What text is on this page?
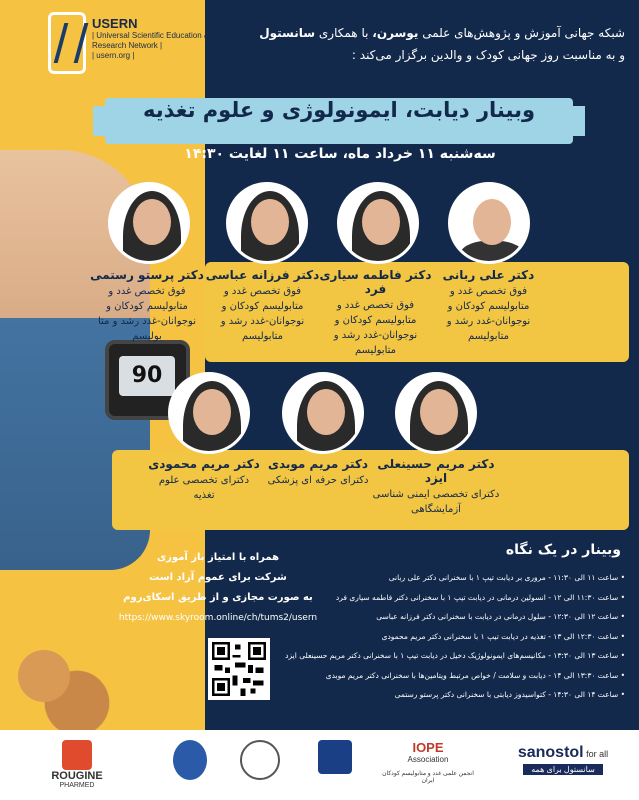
90
USERN
| Universal Scientific Education &
Research Network |
| usern.org |
شبکه جهانی آموزش و پژوهش‌های علمی یوسرن، با همکاری سانستول
و به مناسبت روز جهانی کودک و والدین برگزار می‌کند :
وبینار دیابت، ایمونولوژی و علوم تغذیه
سه‌شنبه ۱۱ خرداد ماه، ساعت ۱۱ لغایت ۱۴:۳۰
دکتر علی ربانی
فوق تخصص غدد و متابولیسم کودکان و نوجوانان-غدد رشد و متابولیسم
دکتر فاطمه سیاری فرد
فوق تخصص غدد و متابولیسم کودکان و نوجوانان-غدد رشد و متابولیسم
دکتر فرزانه عباسی
فوق تخصص غدد و متابولیسم کودکان و نوجوانان-غدد رشد و متابولیسم
دکتر پرستو رستمی
فوق تخصص غدد و متابولیسم کودکان و نوجوانان-غدد رشد و متا بولیسم
دکتر مریم حسینعلی ایزد
دکترای تخصصی ایمنی شناسی آزمایشگاهی
دکتر مریم موبدی
دکترای حرفه ای پزشکی
دکتر مریم محمودی
دکترای تخصصی علوم تغذیه
همراه با امتیاز باز آموزی
شرکت برای عموم آزاد است
به صورت مجازی و از طریق اسکای‌روم
https://www.skyroom.online/ch/tums2/usern
وبینار در یک نگاه
• ساعت ۱۱ الی ۱۱:۳۰ - مروری بر دیابت تیپ ۱ با سخنرانی دکتر علی ربانی
• ساعت ۱۱:۳۰ الی ۱۲ - انسولین درمانی در دیابت تیپ ۱ با سخنرانی دکتر فاطمه سیاری فرد
• ساعت ۱۲ الی ۱۲:۳۰ - سلول درمانی در دیابت با سخنرانی دکتر فرزانه عباسی
• ساعت ۱۲:۳۰ الی ۱۳ - تغذیه در دیابت تیپ ۱ با سخنرانی دکتر مریم محمودی
• ساعت ۱۳ الی ۱۳:۳۰ - مکانیسم‌های ایمونولوژیک دخیل در دیابت تیپ ۱ با سخنرانی دکتر مریم حسینعلی ایزد
• ساعت ۱۳:۳۰ الی ۱۴ - دیابت و سلامت / خواص مرتبط ویتامین‌ها با سخنرانی دکتر مریم موبدی
• ساعت ۱۴ الی ۱۴:۳۰ - کتواسیدوز دیابتی با سخنرانی دکتر پرستو رستمی
ROUGINE
PHARMED
IOPE
Association
انجمن علمی غدد و متابولیسم کودکان ایران
sanostol for all
سانستول برای همه
